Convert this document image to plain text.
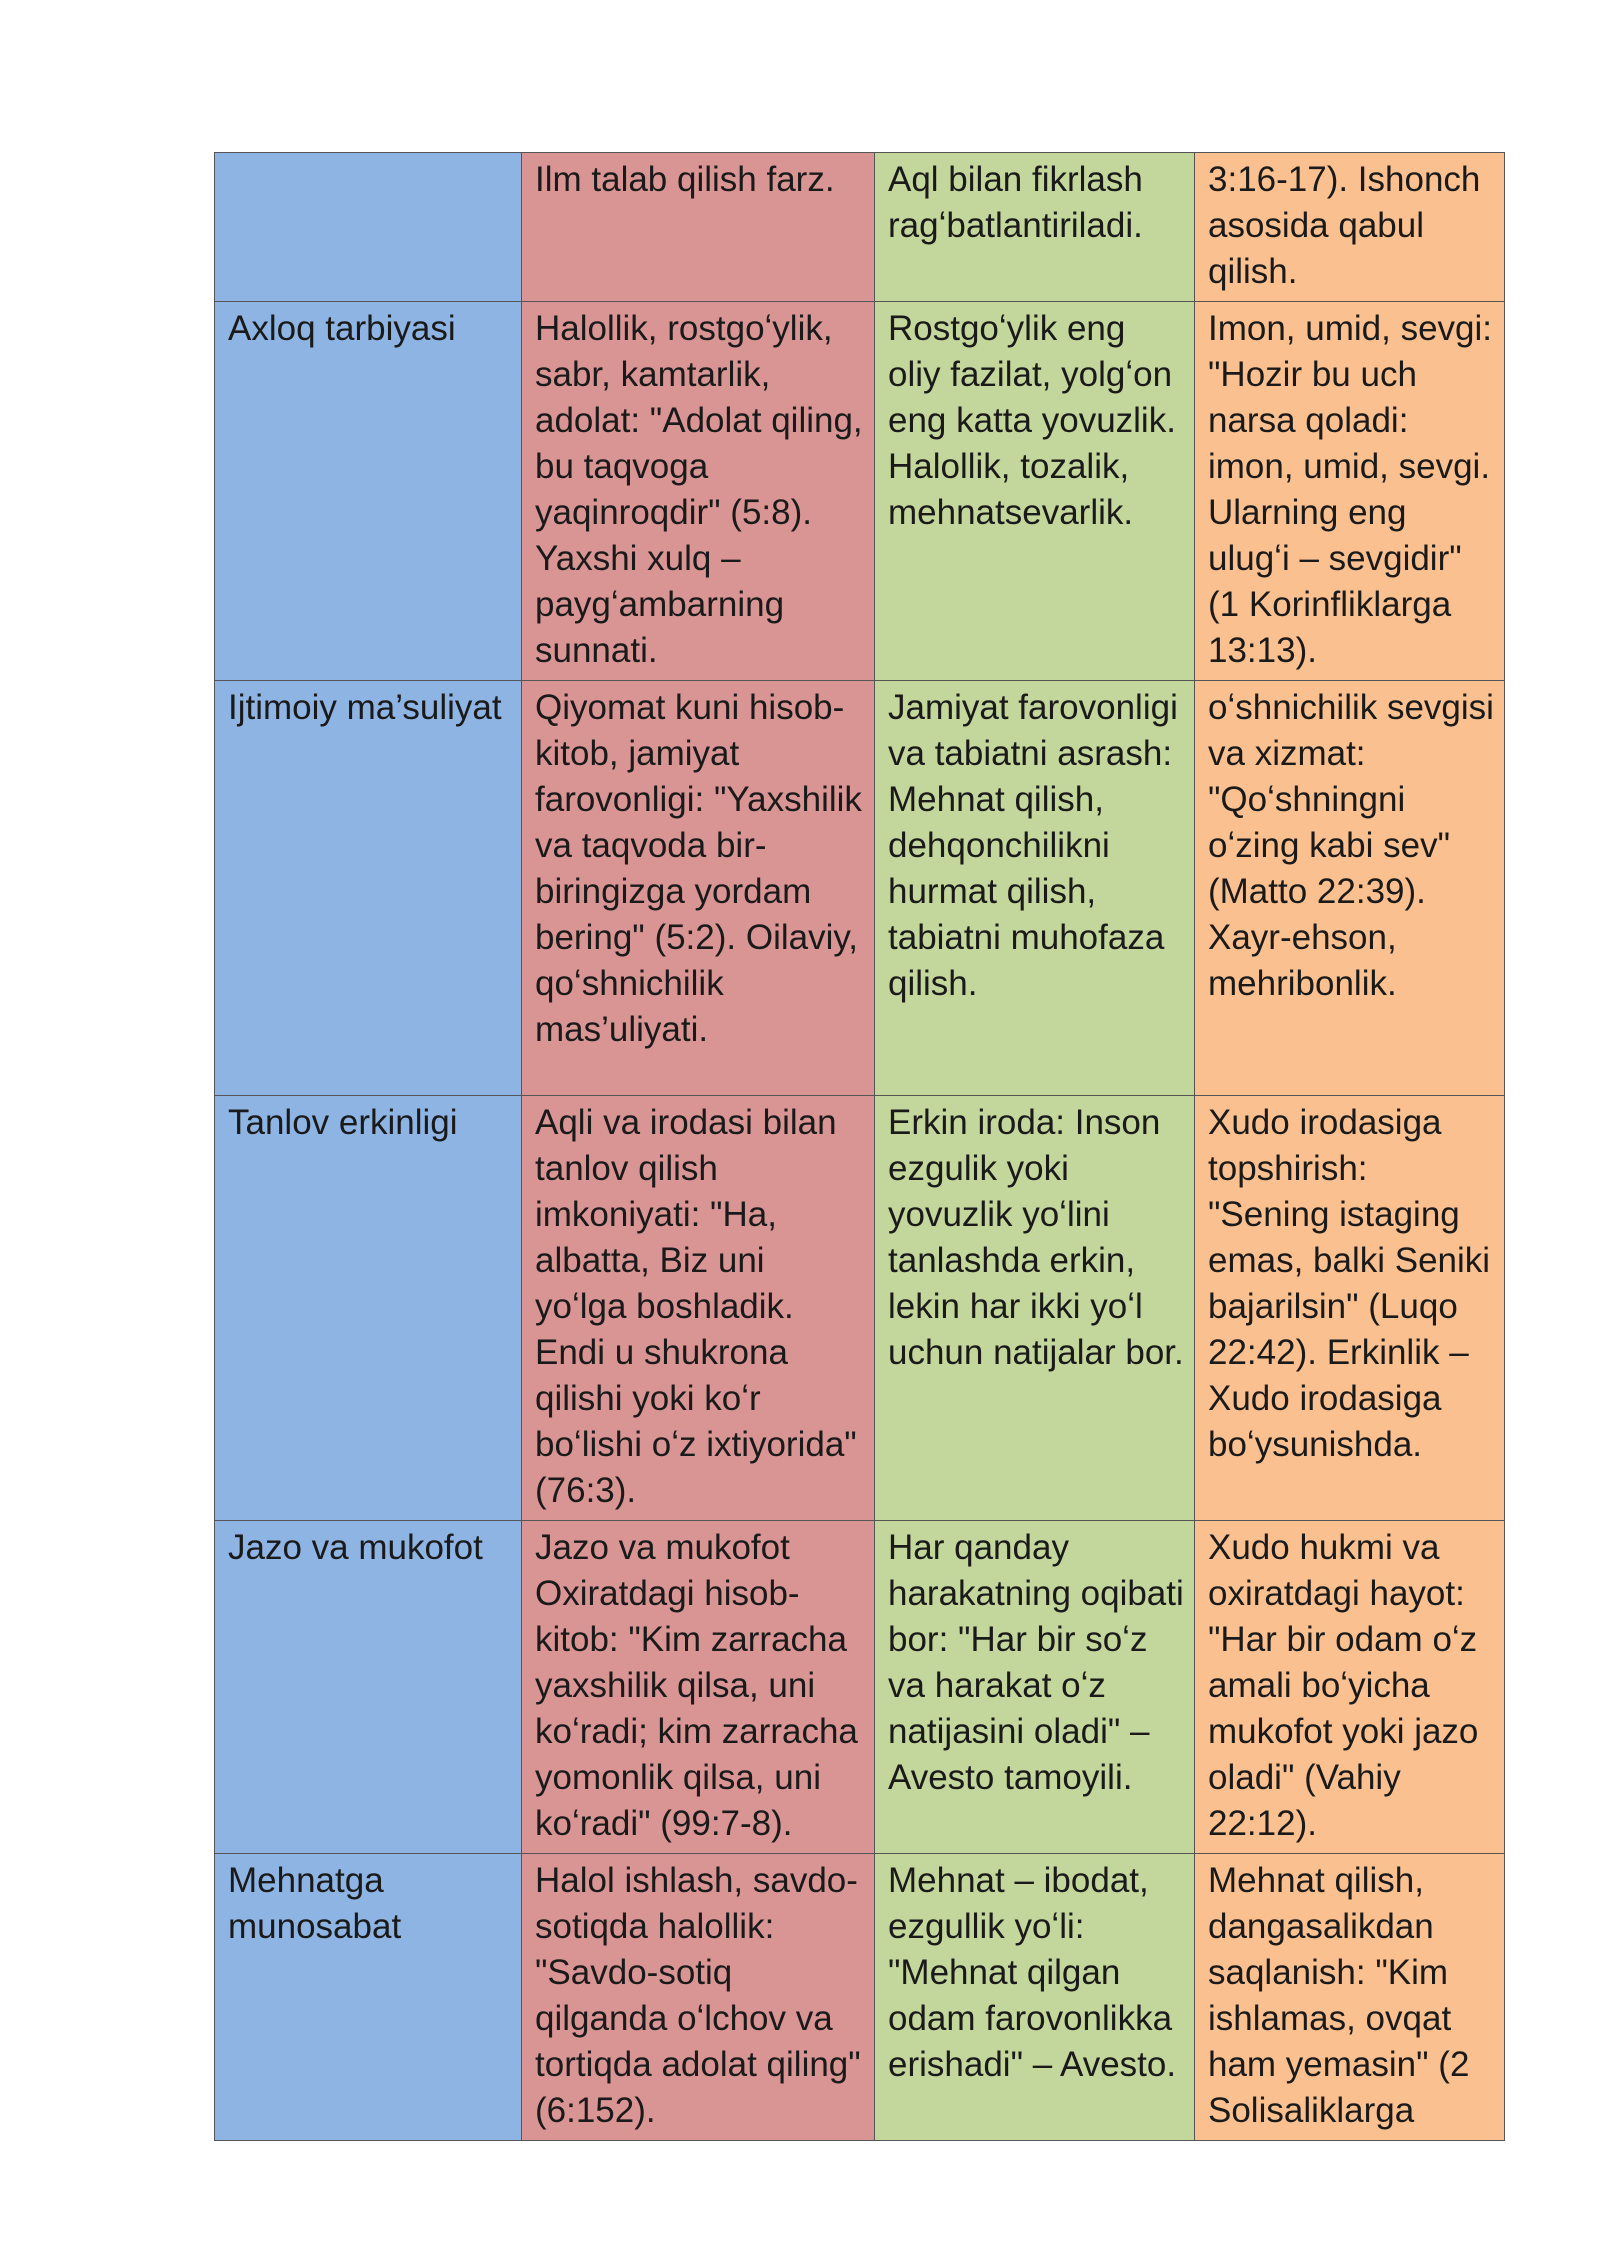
	Ilm talab qilish farz.	Aql bilan fikrlash ragʻbatlantiriladi.	3:16-17). Ishonch asosida qabul qilish.
Axloq tarbiyasi	Halollik, rostgoʻylik, sabr, kamtarlik, adolat: "Adolat qiling, bu taqvoga yaqinroqdir" (5:8). Yaxshi xulq – paygʻambarning sunnati.	Rostgoʻylik eng oliy fazilat, yolgʻon eng katta yovuzlik. Halollik, tozalik, mehnatsevarlik.	Imon, umid, sevgi: "Hozir bu uch narsa qoladi: imon, umid, sevgi. Ularning eng ulugʻi – sevgidir" (1 Korinfliklarga 13:13).
Ijtimoiy ma’suliyat	Qiyomat kuni hisob-kitob, jamiyat farovonligi: "Yaxshilik va taqvoda bir-biringizga yordam bering" (5:2). Oilaviy, qoʻshnichilik mas’uliyati.	Jamiyat farovonligi va tabiatni asrash: Mehnat qilish, dehqonchilikni hurmat qilish, tabiatni muhofaza qilish.	oʻshnichilik sevgisi va xizmat: "Qoʻshningni oʻzing kabi sev" (Matto 22:39). Xayr-ehson, mehribonlik.
Tanlov erkinligi	Aqli va irodasi bilan tanlov qilish imkoniyati: "Ha, albatta, Biz uni yoʻlga boshladik. Endi u shukrona qilishi yoki koʻr boʻlishi oʻz ixtiyorida" (76:3).	Erkin iroda: Inson ezgulik yoki yovuzlik yoʻlini tanlashda erkin, lekin har ikki yoʻl uchun natijalar bor.	Xudo irodasiga topshirish: "Sening istaging emas, balki Seniki bajarilsin" (Luqo 22:42). Erkinlik – Xudo irodasiga boʻysunishda.
Jazo va mukofot	Jazo va mukofot Oxiratdagi hisob-kitob: "Kim zarracha yaxshilik qilsa, uni koʻradi; kim zarracha yomonlik qilsa, uni koʻradi" (99:7-8).	Har qanday harakatning oqibati bor: "Har bir soʻz va harakat oʻz natijasini oladi" – Avesto tamoyili.	Xudo hukmi va oxiratdagi hayot: "Har bir odam oʻz amali boʻyicha mukofot yoki jazo oladi" (Vahiy 22:12).
Mehnatga munosabat	Halol ishlash, savdo-sotiqda halollik: "Savdo-sotiq qilganda oʻlchov va tortiqda adolat qiling" (6:152).	Mehnat – ibodat, ezgullik yoʻli: "Mehnat qilgan odam farovonlikka erishadi" – Avesto.	Mehnat qilish, dangasalikdan saqlanish: "Kim ishlamas, ovqat ham yemasin" (2 Solisaliklarga
